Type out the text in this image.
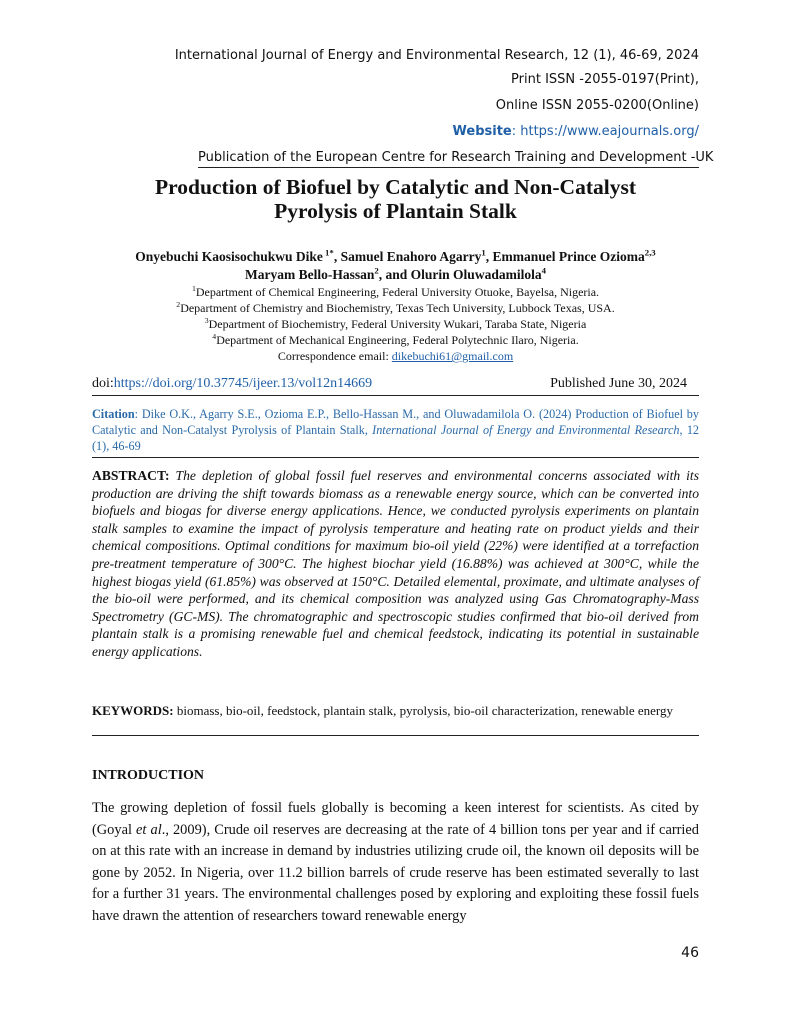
International Journal of Energy and Environmental Research, 12 (1), 46-69, 2024
Print ISSN -2055-0197(Print),
Online ISSN 2055-0200(Online)
Website: https://www.eajournals.org/
Publication of the European Centre for Research Training and Development -UK
Production of Biofuel by Catalytic and Non-Catalyst
Pyrolysis of Plantain Stalk
Onyebuchi Kaosisochukwu Dike $^{1*}$, Samuel Enahoro Agarry$^1$, Emmanuel Prince Ozioma$^{2,3}$
Maryam Bello-Hassan$^2$, and Olurin Oluwadamilola$^4$
$^1$Department of Chemical Engineering, Federal University Otuoke, Bayelsa, Nigeria.
$^2$Department of Chemistry and Biochemistry, Texas Tech University, Lubbock Texas, USA.
$^3$Department of Biochemistry, Federal University Wukari, Taraba State, Nigeria
$^4$Department of Mechanical Engineering, Federal Polytechnic Ilaro, Nigeria.
Correspondence email: dikebuchi61@gmail.com
doi:https://doi.org/10.37745/ijeer.13/vol12n14669	Published June 30, 2024
Citation: Dike O.K., Agarry S.E., Ozioma E.P., Bello-Hassan M., and Oluwadamilola O. (2024) Production of Biofuel by Catalytic and Non-Catalyst Pyrolysis of Plantain Stalk, International Journal of Energy and Environmental Research, 12 (1), 46-69
ABSTRACT: The depletion of global fossil fuel reserves and environmental concerns associated with its production are driving the shift towards biomass as a renewable energy source, which can be converted into biofuels and biogas for diverse energy applications. Hence, we conducted pyrolysis experiments on plantain stalk samples to examine the impact of pyrolysis temperature and heating rate on product yields and their chemical compositions. Optimal conditions for maximum bio-oil yield (22%) were identified at a torrefaction pre-treatment temperature of 300°C. The highest biochar yield (16.88%) was achieved at 300°C, while the highest biogas yield (61.85%) was observed at 150°C. Detailed elemental, proximate, and ultimate analyses of the bio-oil were performed, and its chemical composition was analyzed using Gas Chromatography-Mass Spectrometry (GC-MS). The chromatographic and spectroscopic studies confirmed that bio-oil derived from plantain stalk is a promising renewable fuel and chemical feedstock, indicating its potential in sustainable energy applications.
KEYWORDS: biomass, bio-oil, feedstock, plantain stalk, pyrolysis, bio-oil characterization, renewable energy
INTRODUCTION
The growing depletion of fossil fuels globally is becoming a keen interest for scientists. As cited by (Goyal et al., 2009), Crude oil reserves are decreasing at the rate of 4 billion tons per year and if carried on at this rate with an increase in demand by industries utilizing crude oil, the known oil deposits will be gone by 2052. In Nigeria, over 11.2 billion barrels of crude reserve has been estimated severally to last for a further 31 years. The environmental challenges posed by exploring and exploiting these fossil fuels have drawn the attention of researchers toward renewable energy
46
